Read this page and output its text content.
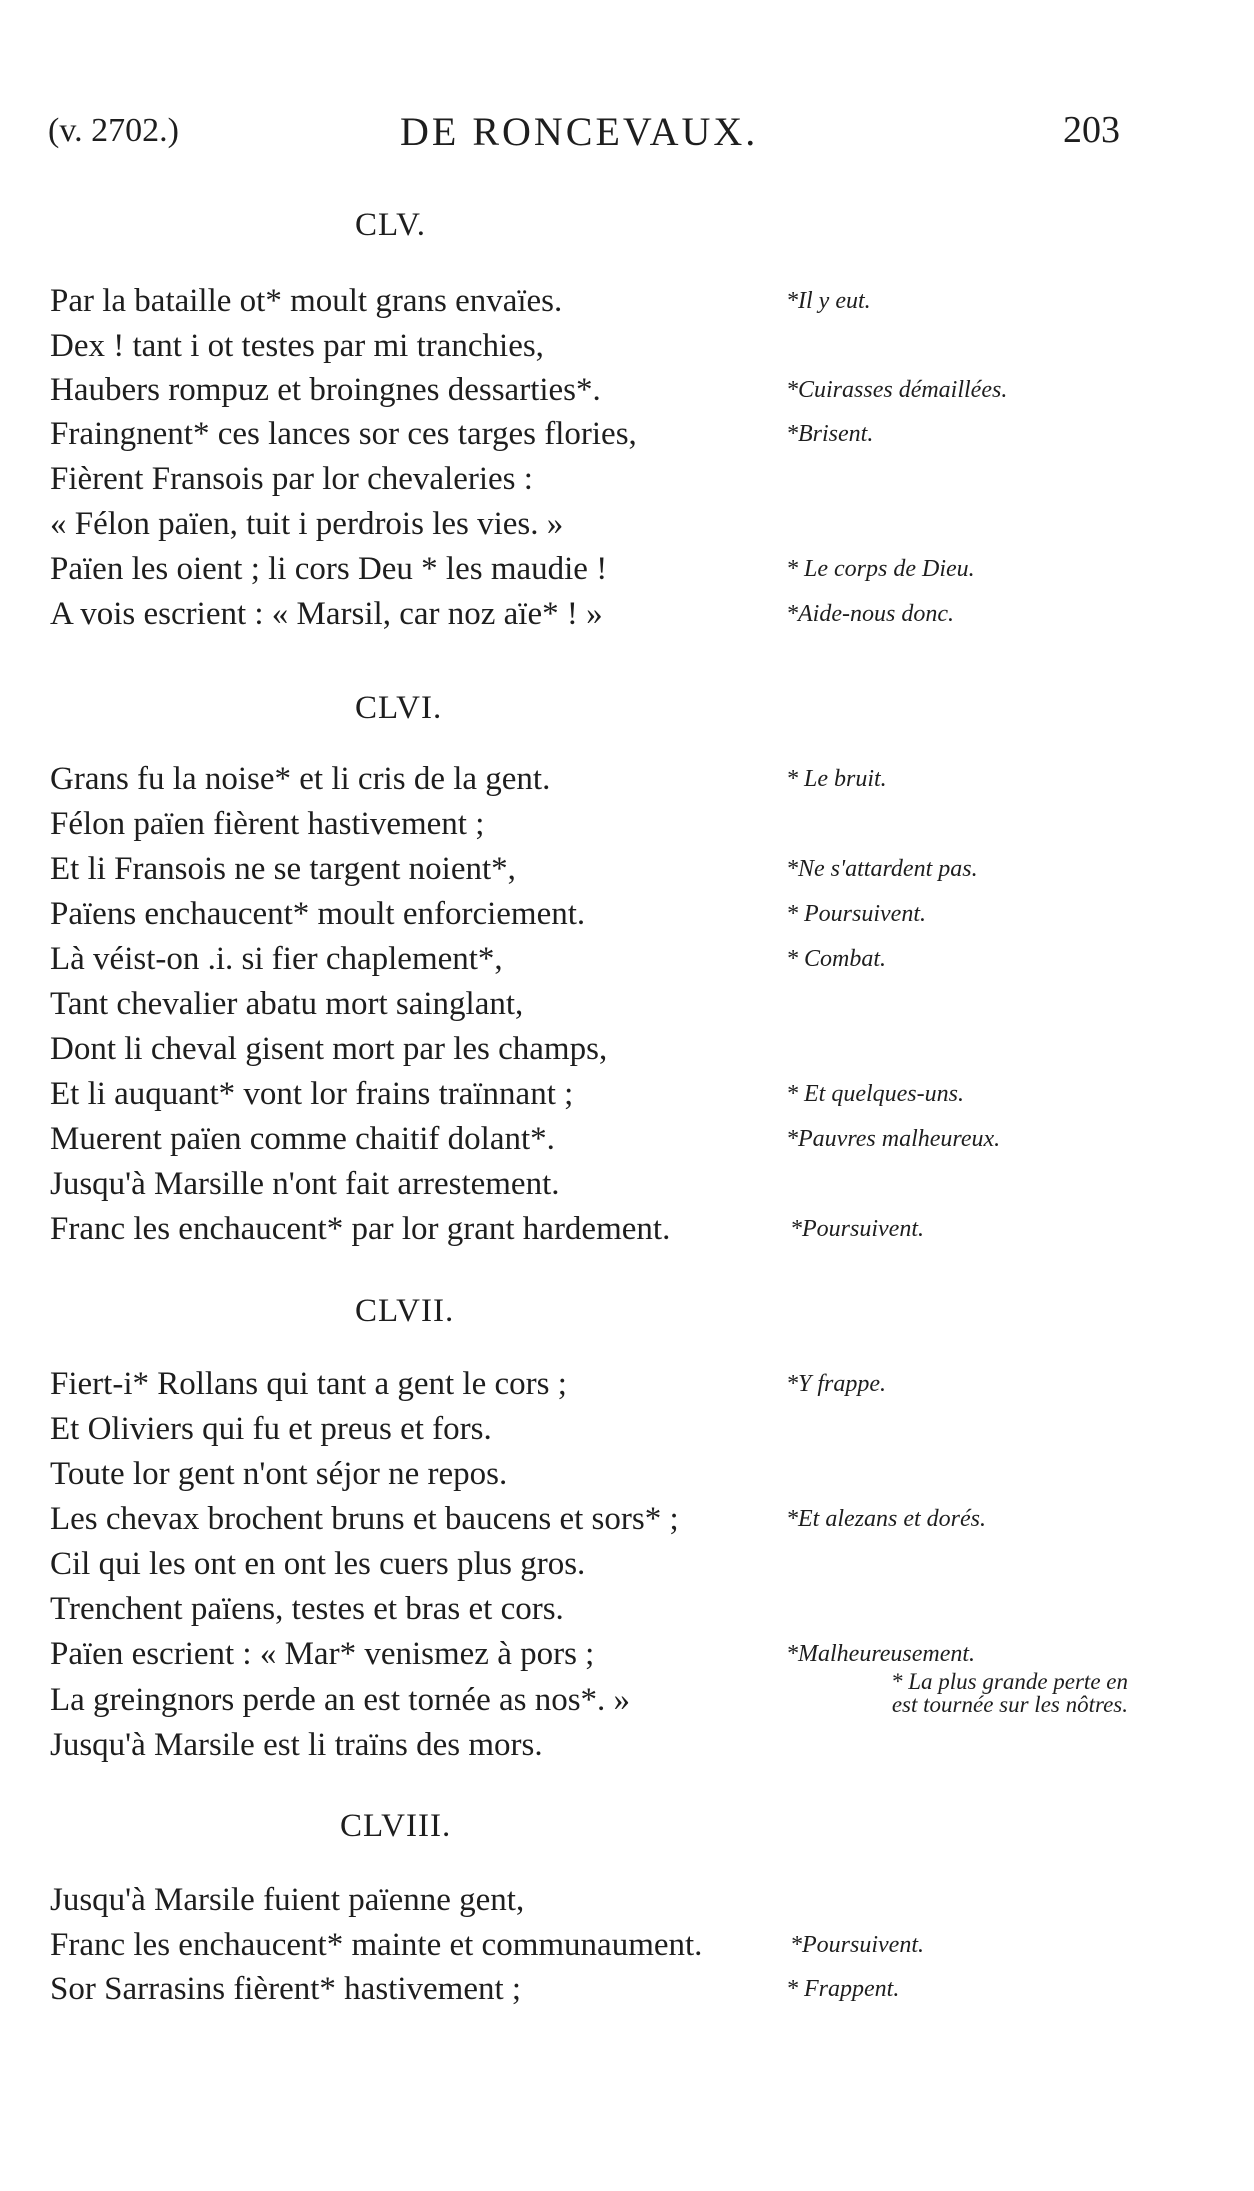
(v. 2702.)	DE RONCEVAUX.	203
CLV.
Par la bataille ot* moult grans envaïes.	*Il y eut.
Dex ! tant i ot testes par mi tranchies,
Haubers rompuz et broingnes dessarties*.	*Cuirasses démaillées.
Fraingnent* ces lances sor ces targes flories,	*Brisent.
Fièrent Fransois par lor chevaleries :
« Félon païen, tuit i perdrois les vies. »
Païen les oient ; li cors Deu * les maudie !	* Le corps de Dieu.
A vois escrient : « Marsil, car noz aïe* ! »	*Aide-nous donc.
CLVI.
Grans fu la noise* et li cris de la gent.	* Le bruit.
Félon païen fièrent hastivement ;
Et li Fransois ne se targent noient*,	*Ne s'attardent pas.
Païens enchaucent* moult enforciement.	* Poursuivent.
Là véist-on .i. si fier chaplement*,	* Combat.
Tant chevalier abatu mort sainglant,
Dont li cheval gisent mort par les champs,
Et li auquant* vont lor frains traïnnant ;	* Et quelques-uns.
Muerent païen comme chaitif dolant*.	*Pauvres malheureux.
Jusqu'à Marsille n'ont fait arrestement.
Franc les enchaucent* par lor grant hardement.	*Poursuivent.
CLVII.
Fiert-i* Rollans qui tant a gent le cors ;	*Y frappe.
Et Oliviers qui fu et preus et fors.
Toute lor gent n'ont séjor ne repos.
Les chevax brochent bruns et baucens et sors* ;	*Et alezans et dorés.
Cil qui les ont en ont les cuers plus gros.
Trenchent païens, testes et bras et cors.
Païen escrient : « Mar* venismez à pors ;	*Malheureusement.
La greingnors perde an est tornée as nos*. »
* La plus grande perte en
est tournée sur les nôtres.
Jusqu'à Marsile est li traïns des mors.
CLVIII.
Jusqu'à Marsile fuient païenne gent,
Franc les enchaucent* mainte et communaument.	*Poursuivent.
Sor Sarrasins fièrent* hastivement ;	* Frappent.
